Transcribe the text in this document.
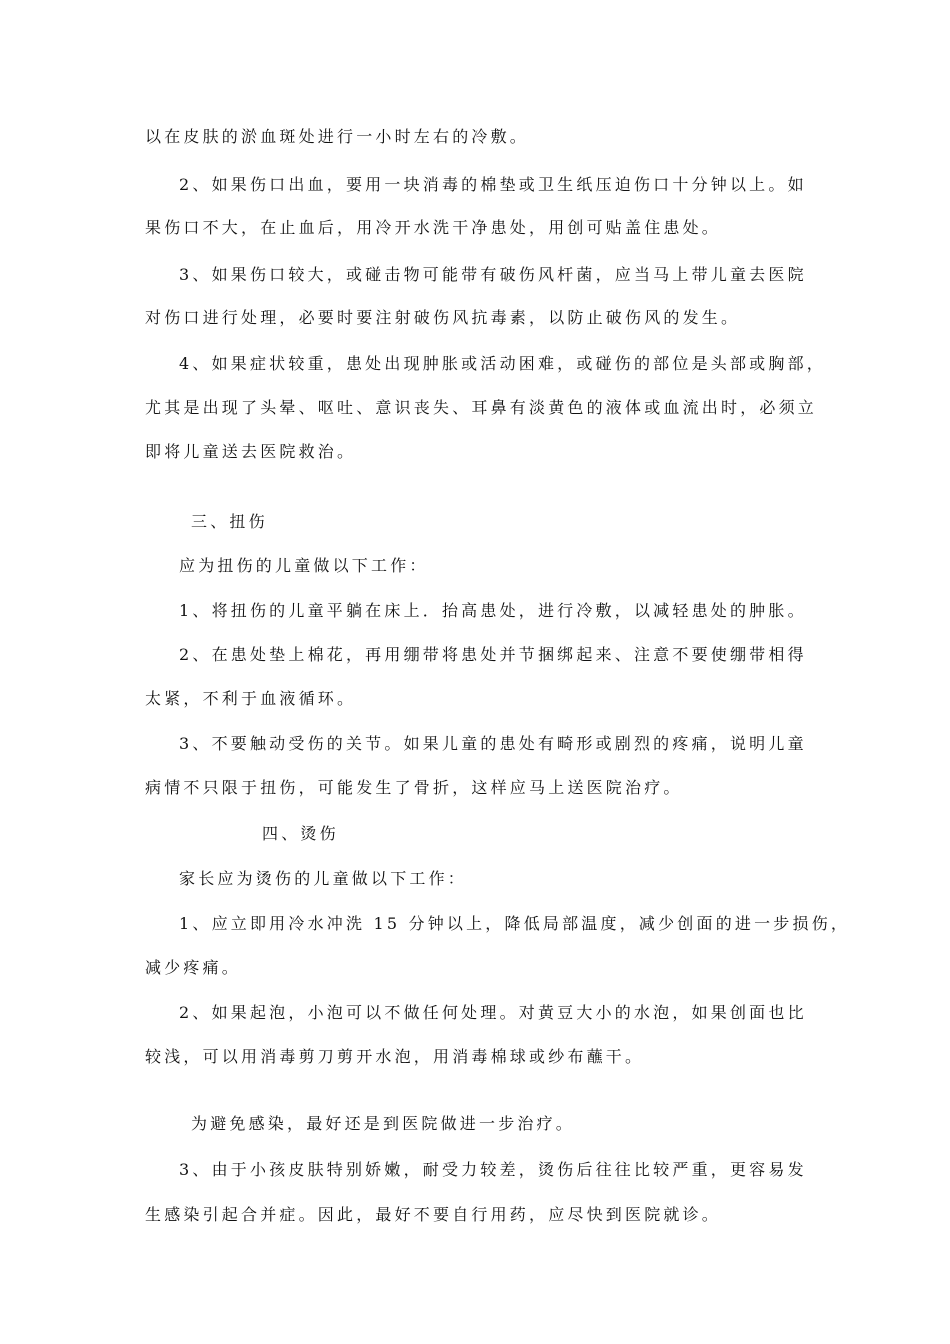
以在皮肤的淤血斑处进行一小时左右的冷敷。
2、如果伤口出血，要用一块消毒的棉垫或卫生纸压迫伤口十分钟以上。如
果伤口不大，在止血后，用冷开水洗干净患处，用创可贴盖住患处。
3、如果伤口较大，或碰击物可能带有破伤风杆菌，应当马上带儿童去医院
对伤口进行处理，必要时要注射破伤风抗毒素，以防止破伤风的发生。
4、如果症状较重，患处出现肿胀或活动困难，或碰伤的部位是头部或胸部，
尤其是出现了头晕、呕吐、意识丧失、耳鼻有淡黄色的液体或血流出时，必须立
即将儿童送去医院救治。
三、扭伤
应为扭伤的儿童做以下工作：
1、将扭伤的儿童平躺在床上．抬高患处，进行冷敷，以减轻患处的肿胀。
2、在患处垫上棉花，再用绷带将患处并节捆绑起来、注意不要使绷带相得
太紧，不利于血液循环。
3、不要触动受伤的关节。如果儿童的患处有畸形或剧烈的疼痛，说明儿童
病情不只限于扭伤，可能发生了骨折，这样应马上送医院治疗。
四、烫伤
家长应为烫伤的儿童做以下工作：
1、应立即用冷水冲洗 15 分钟以上，降低局部温度，减少创面的进一步损伤，
减少疼痛。
2、如果起泡，小泡可以不做任何处理。对黄豆大小的水泡，如果创面也比
较浅，可以用消毒剪刀剪开水泡，用消毒棉球或纱布蘸干。
为避免感染，最好还是到医院做进一步治疗。
3、由于小孩皮肤特别娇嫩，耐受力较差，烫伤后往往比较严重，更容易发
生感染引起合并症。因此，最好不要自行用药，应尽快到医院就诊。
